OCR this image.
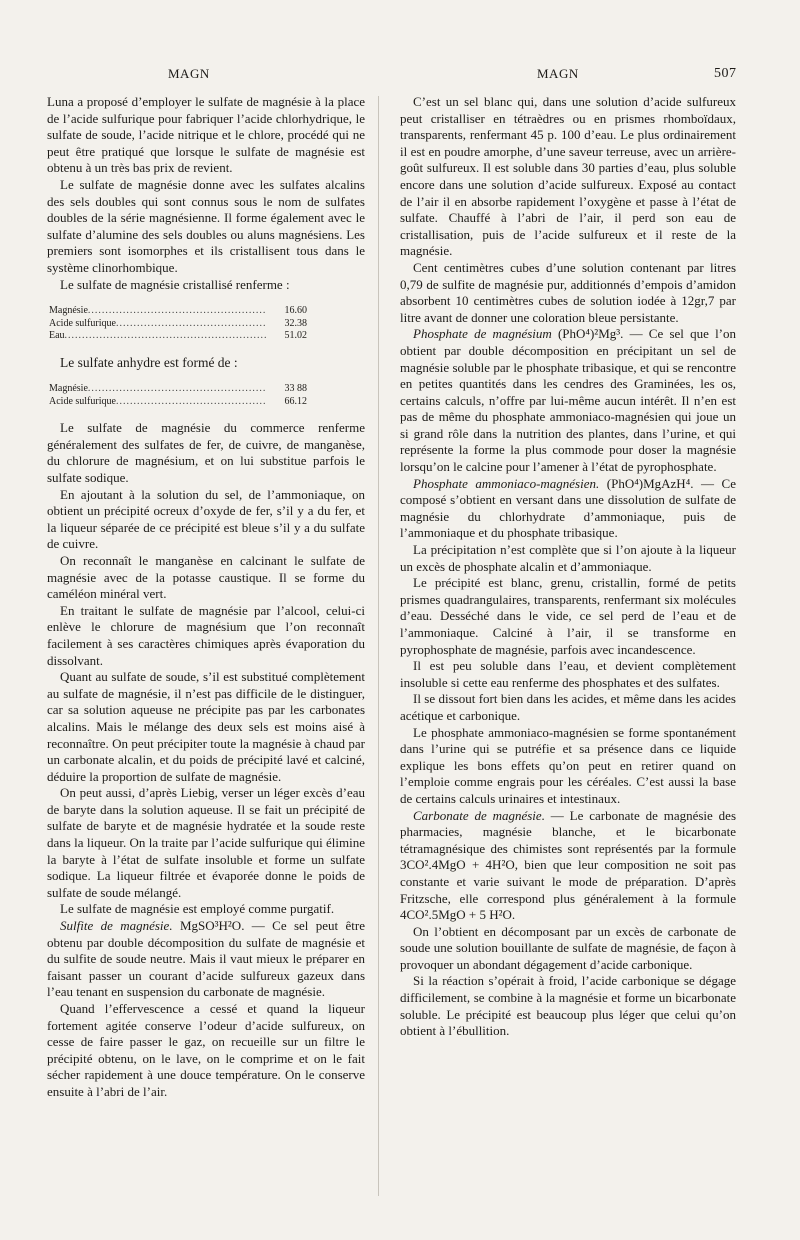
MAGN	MAGN	507

Luna a proposé d’employer le sulfate de magnésie à la place de l’acide sulfurique pour fabriquer l’acide chlorhydrique, le sulfate de soude, l’acide nitrique et le chlore, procédé qui ne peut être pratiqué que lorsque le sulfate de magnésie est obtenu à un très bas prix de revient.

Le sulfate de magnésie donne avec les sulfates alcalins des sels doubles qui sont connus sous le nom de sulfates doubles de la série magnésienne. Il forme également avec le sulfate d’alumine des sels doubles ou aluns magnésiens. Les premiers sont isomorphes et ils cristallisent tous dans le système clinorhombique.

Le sulfate de magnésie cristallisé renferme :

Magnésie .....	16.60
Acide sulfurique .....	32.38
Eau .....	51.02

Le sulfate anhydre est formé de :

Magnésie .....	33 88
Acide sulfurique .....	66.12

Le sulfate de magnésie du commerce renferme généralement des sulfates de fer, de cuivre, de manganèse, du chlorure de magnésium, et on lui substitue parfois le sulfate sodique.

En ajoutant à la solution du sel, de l’ammoniaque, on obtient un précipité ocreux d’oxyde de fer, s’il y a du fer, et la liqueur séparée de ce précipité est bleue s’il y a du sulfate de cuivre.

On reconnaît le manganèse en calcinant le sulfate de magnésie avec de la potasse caustique. Il se forme du caméléon minéral vert.

En traitant le sulfate de magnésie par l’alcool, celui-ci enlève le chlorure de magnésium que l’on reconnaît facilement à ses caractères chimiques après évaporation du dissolvant.

Quant au sulfate de soude, s’il est substitué complètement au sulfate de magnésie, il n’est pas difficile de le distinguer, car sa solution aqueuse ne précipite pas par les carbonates alcalins. Mais le mélange des deux sels est moins aisé à reconnaître. On peut précipiter toute la magnésie à chaud par un carbonate alcalin, et du poids de précipité lavé et calciné, déduire la proportion de sulfate de magnésie.

On peut aussi, d’après Liebig, verser un léger excès d’eau de baryte dans la solution aqueuse. Il se fait un précipité de sulfate de baryte et de magnésie hydratée et la soude reste dans la liqueur. On la traite par l’acide sulfurique qui élimine la baryte à l’état de sulfate insoluble et forme un sulfate sodique. La liqueur filtrée et évaporée donne le poids de sulfate de soude mélangé.

Le sulfate de magnésie est employé comme purgatif.

Sulfite de magnésie. MgSO³H²O. — Ce sel peut être obtenu par double décomposition du sulfate de magnésie et du sulfite de soude neutre. Mais il vaut mieux le préparer en faisant passer un courant d’acide sulfureux gazeux dans l’eau tenant en suspension du carbonate de magnésie.

Quand l’effervescence a cessé et quand la liqueur fortement agitée conserve l’odeur d’acide sulfureux, on cesse de faire passer le gaz, on recueille sur un filtre le précipité obtenu, on le lave, on le comprime et on le fait sécher rapidement à une douce température. On le conserve ensuite à l’abri de l’air.

C’est un sel blanc qui, dans une solution d’acide sulfureux peut cristalliser en tétraèdres ou en prismes rhomboïdaux, transparents, renfermant 45 p. 100 d’eau. Le plus ordinairement il est en poudre amorphe, d’une saveur terreuse, avec un arrière-goût sulfureux. Il est soluble dans 30 parties d’eau, plus soluble encore dans une solution d’acide sulfureux. Exposé au contact de l’air il en absorbe rapidement l’oxygène et passe à l’état de sulfate. Chauffé à l’abri de l’air, il perd son eau de cristallisation, puis de l’acide sulfureux et il reste de la magnésie.

Cent centimètres cubes d’une solution contenant par litres 0,79 de sulfite de magnésie pur, additionnés d’empois d’amidon absorbent 10 centimètres cubes de solution iodée à 12gr,7 par litre avant de donner une coloration bleue persistante.

Phosphate de magnésium (PhO⁴)²Mg³. — Ce sel que l’on obtient par double décomposition en précipitant un sel de magnésie soluble par le phosphate tribasique, et qui se rencontre en petites quantités dans les cendres des Graminées, les os, certains calculs, n’offre par lui-même aucun intérêt. Il n’en est pas de même du phosphate ammoniaco-magnésien qui joue un si grand rôle dans la nutrition des plantes, dans l’urine, et qui représente la forme la plus commode pour doser la magnésie lorsqu’on le calcine pour l’amener à l’état de pyrophosphate.

Phosphate ammoniaco-magnésien. (PhO⁴)MgAzH⁴. — Ce composé s’obtient en versant dans une dissolution de sulfate de magnésie du chlorhydrate d’ammoniaque, puis de l’ammoniaque et du phosphate tribasique.

La précipitation n’est complète que si l’on ajoute à la liqueur un excès de phosphate alcalin et d’ammoniaque.

Le précipité est blanc, grenu, cristallin, formé de petits prismes quadrangulaires, transparents, renfermant six molécules d’eau. Desséché dans le vide, ce sel perd de l’eau et de l’ammoniaque. Calciné à l’air, il se transforme en pyrophosphate de magnésie, parfois avec incandescence.

Il est peu soluble dans l’eau, et devient complètement insoluble si cette eau renferme des phosphates et des sulfates.

Il se dissout fort bien dans les acides, et même dans les acides acétique et carbonique.

Le phosphate ammoniaco-magnésien se forme spontanément dans l’urine qui se putréfie et sa présence dans ce liquide explique les bons effets qu’on peut en retirer quand on l’emploie comme engrais pour les céréales. C’est aussi la base de certains calculs urinaires et intestinaux.

Carbonate de magnésie. — Le carbonate de magnésie des pharmacies, magnésie blanche, et le bicarbonate tétramagnésique des chimistes sont représentés par la formule 3CO².4MgO + 4H²O, bien que leur composition ne soit pas constante et varie suivant le mode de préparation. D’après Fritzsche, elle correspond plus généralement à la formule 4CO².5MgO + 5 H²O.

On l’obtient en décomposant par un excès de carbonate de soude une solution bouillante de sulfate de magnésie, de façon à provoquer un abondant dégagement d’acide carbonique.

Si la réaction s’opérait à froid, l’acide carbonique se dégage difficilement, se combine à la magnésie et forme un bicarbonate soluble. Le précipité est beaucoup plus léger que celui qu’on obtient à l’ébullition.
